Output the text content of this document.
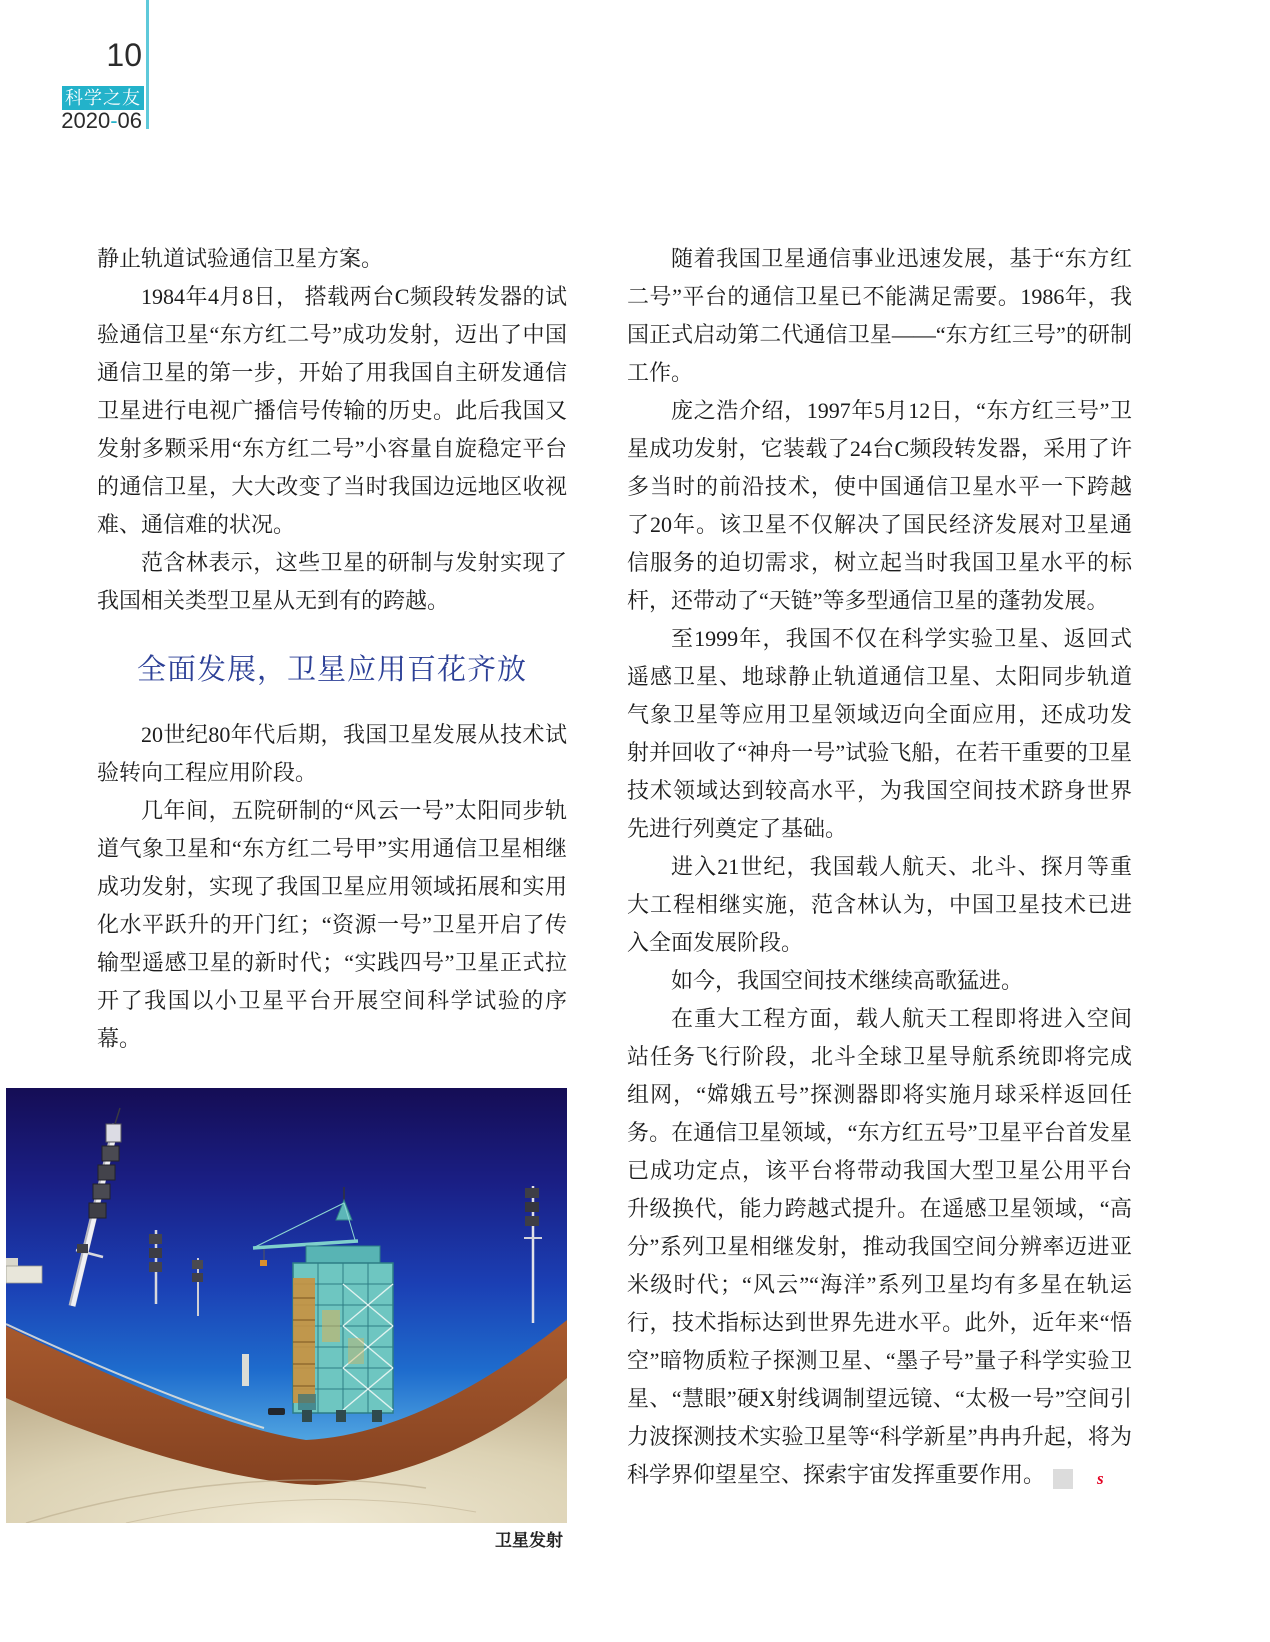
10
科学之友
2020-06

静止轨道试验通信卫星方案。

1984年4月8日， 搭载两台C频段转发器的试验通信卫星“东方红二号”成功发射，迈出了中国通信卫星的第一步，开始了用我国自主研发通信卫星进行电视广播信号传输的历史。此后我国又发射多颗采用“东方红二号”小容量自旋稳定平台的通信卫星，大大改变了当时我国边远地区收视难、通信难的状况。

范含林表示，这些卫星的研制与发射实现了我国相关类型卫星从无到有的跨越。

全面发展，卫星应用百花齐放

20世纪80年代后期，我国卫星发展从技术试验转向工程应用阶段。

几年间，五院研制的“风云一号”太阳同步轨道气象卫星和“东方红二号甲”实用通信卫星相继成功发射，实现了我国卫星应用领域拓展和实用化水平跃升的开门红；“资源一号”卫星开启了传输型遥感卫星的新时代；“实践四号”卫星正式拉开了我国以小卫星平台开展空间科学试验的序幕。

随着我国卫星通信事业迅速发展，基于“东方红二号”平台的通信卫星已不能满足需要。1986年，我国正式启动第二代通信卫星——“东方红三号”的研制工作。

庞之浩介绍，1997年5月12日，“东方红三号”卫星成功发射，它装载了24台C频段转发器，采用了许多当时的前沿技术，使中国通信卫星水平一下跨越了20年。该卫星不仅解决了国民经济发展对卫星通信服务的迫切需求，树立起当时我国卫星水平的标杆，还带动了“天链”等多型通信卫星的蓬勃发展。

至1999年，我国不仅在科学实验卫星、返回式遥感卫星、地球静止轨道通信卫星、太阳同步轨道气象卫星等应用卫星领域迈向全面应用，还成功发射并回收了“神舟一号”试验飞船，在若干重要的卫星技术领域达到较高水平，为我国空间技术跻身世界先进行列奠定了基础。

进入21世纪，我国载人航天、北斗、探月等重大工程相继实施，范含林认为，中国卫星技术已进入全面发展阶段。

如今，我国空间技术继续高歌猛进。

在重大工程方面，载人航天工程即将进入空间站任务飞行阶段，北斗全球卫星导航系统即将完成组网，“嫦娥五号”探测器即将实施月球采样返回任务。在通信卫星领域，“东方红五号”卫星平台首发星已成功定点，该平台将带动我国大型卫星公用平台升级换代，能力跨越式提升。在遥感卫星领域，“高分”系列卫星相继发射，推动我国空间分辨率迈进亚米级时代；“风云”“海洋”系列卫星均有多星在轨运行，技术指标达到世界先进水平。此外，近年来“悟空”暗物质粒子探测卫星、“墨子号”量子科学实验卫星、“慧眼”硬X射线调制望远镜、“太极一号”空间引力波探测技术实验卫星等“科学新星”冉冉升起，将为科学界仰望星空、探索宇宙发挥重要作用。	s

卫星发射
